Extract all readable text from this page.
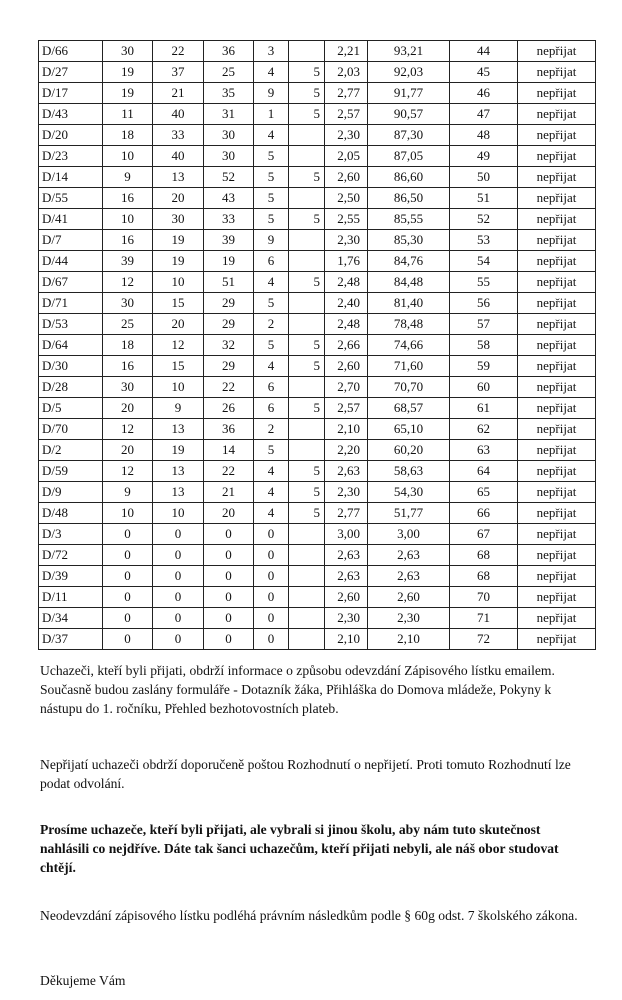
D/66	30	22	36	3		2,21	93,21	44	nepřijat
D/27	19	37	25	4	5	2,03	92,03	45	nepřijat
D/17	19	21	35	9	5	2,77	91,77	46	nepřijat
D/43	11	40	31	1	5	2,57	90,57	47	nepřijat
D/20	18	33	30	4		2,30	87,30	48	nepřijat
D/23	10	40	30	5		2,05	87,05	49	nepřijat
D/14	9	13	52	5	5	2,60	86,60	50	nepřijat
D/55	16	20	43	5		2,50	86,50	51	nepřijat
D/41	10	30	33	5	5	2,55	85,55	52	nepřijat
D/7	16	19	39	9		2,30	85,30	53	nepřijat
D/44	39	19	19	6		1,76	84,76	54	nepřijat
D/67	12	10	51	4	5	2,48	84,48	55	nepřijat
D/71	30	15	29	5		2,40	81,40	56	nepřijat
D/53	25	20	29	2		2,48	78,48	57	nepřijat
D/64	18	12	32	5	5	2,66	74,66	58	nepřijat
D/30	16	15	29	4	5	2,60	71,60	59	nepřijat
D/28	30	10	22	6		2,70	70,70	60	nepřijat
D/5	20	9	26	6	5	2,57	68,57	61	nepřijat
D/70	12	13	36	2		2,10	65,10	62	nepřijat
D/2	20	19	14	5		2,20	60,20	63	nepřijat
D/59	12	13	22	4	5	2,63	58,63	64	nepřijat
D/9	9	13	21	4	5	2,30	54,30	65	nepřijat
D/48	10	10	20	4	5	2,77	51,77	66	nepřijat
D/3	0	0	0	0		3,00	3,00	67	nepřijat
D/72	0	0	0	0		2,63	2,63	68	nepřijat
D/39	0	0	0	0		2,63	2,63	68	nepřijat
D/11	0	0	0	0		2,60	2,60	70	nepřijat
D/34	0	0	0	0		2,30	2,30	71	nepřijat
D/37	0	0	0	0		2,10	2,10	72	nepřijat

Uchazeči, kteří byli přijati, obdrží informace o způsobu odevzdání Zápisového lístku emailem. Současně budou zaslány formuláře - Dotazník žáka, Přihláška do Domova mládeže, Pokyny k nástupu do 1. ročníku, Přehled bezhotovostních plateb.

Nepřijatí uchazeči obdrží doporučeně poštou Rozhodnutí o nepřijetí. Proti tomuto Rozhodnutí lze podat odvolání.

Prosíme uchazeče, kteří byli přijati, ale vybrali si jinou školu, aby nám tuto skutečnost nahlásili co nejdříve. Dáte tak šanci uchazečům, kteří přijati nebyli, ale náš obor studovat chtějí.

Neodevzdání zápisového lístku podléhá právním následkům podle § 60g odst. 7 školského zákona.

Děkujeme Vám
